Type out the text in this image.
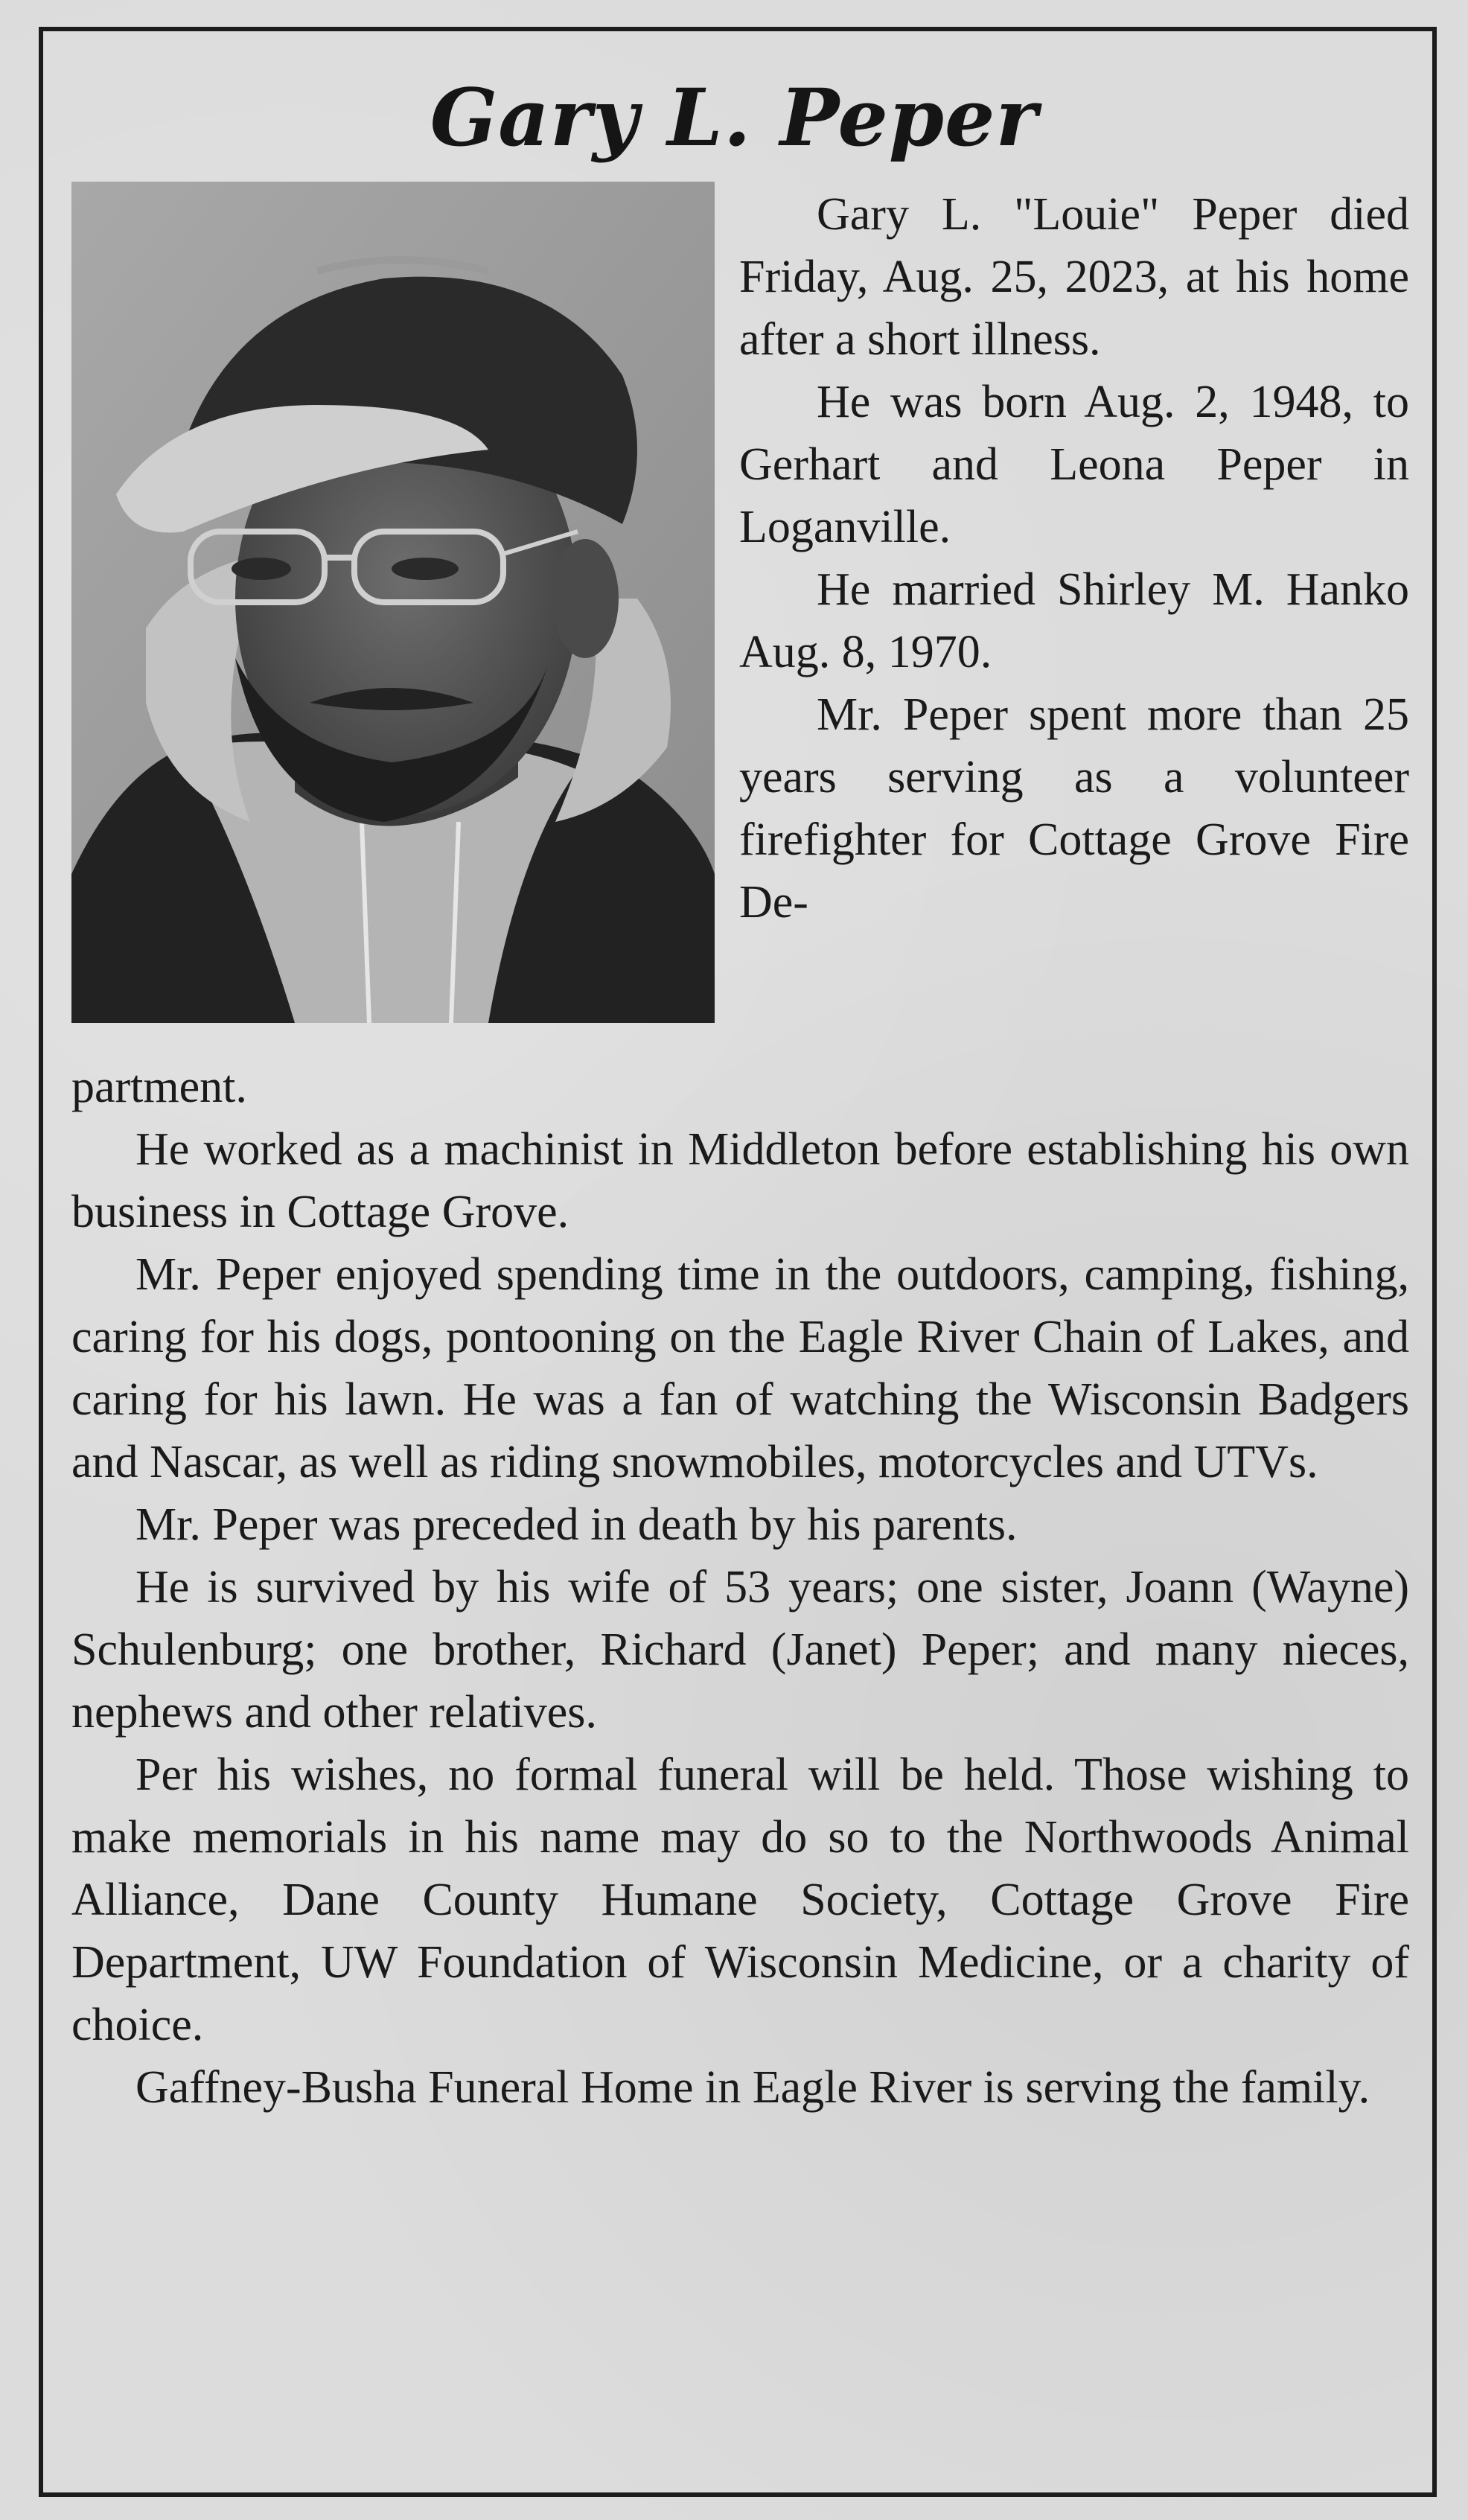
Gary L. Peper

Gary L. "Louie" Peper died Friday, Aug. 25, 2023, at his home after a short illness.

He was born Aug. 2, 1948, to Gerhart and Leona Peper in Loganville.

He married Shirley M. Hanko Aug. 8, 1970.

Mr. Peper spent more than 25 years serving as a volunteer firefighter for Cottage Grove Fire De-

partment.

He worked as a machinist in Middleton before establishing his own business in Cottage Grove.

Mr. Peper enjoyed spending time in the outdoors, camping, fishing, caring for his dogs, pontooning on the Eagle River Chain of Lakes, and caring for his lawn. He was a fan of watching the Wisconsin Badgers and Nascar, as well as riding snowmobiles, motorcycles and UTVs.

Mr. Peper was preceded in death by his parents.

He is survived by his wife of 53 years; one sister, Joann (Wayne) Schulenburg; one brother, Richard (Janet) Peper; and many nieces, nephews and other relatives.

Per his wishes, no formal funeral will be held. Those wishing to make memorials in his name may do so to the Northwoods Animal Alliance, Dane County Humane Society, Cottage Grove Fire Department, UW Foundation of Wisconsin Medicine, or a charity of choice.

Gaffney-Busha Funeral Home in Eagle River is serving the family.
